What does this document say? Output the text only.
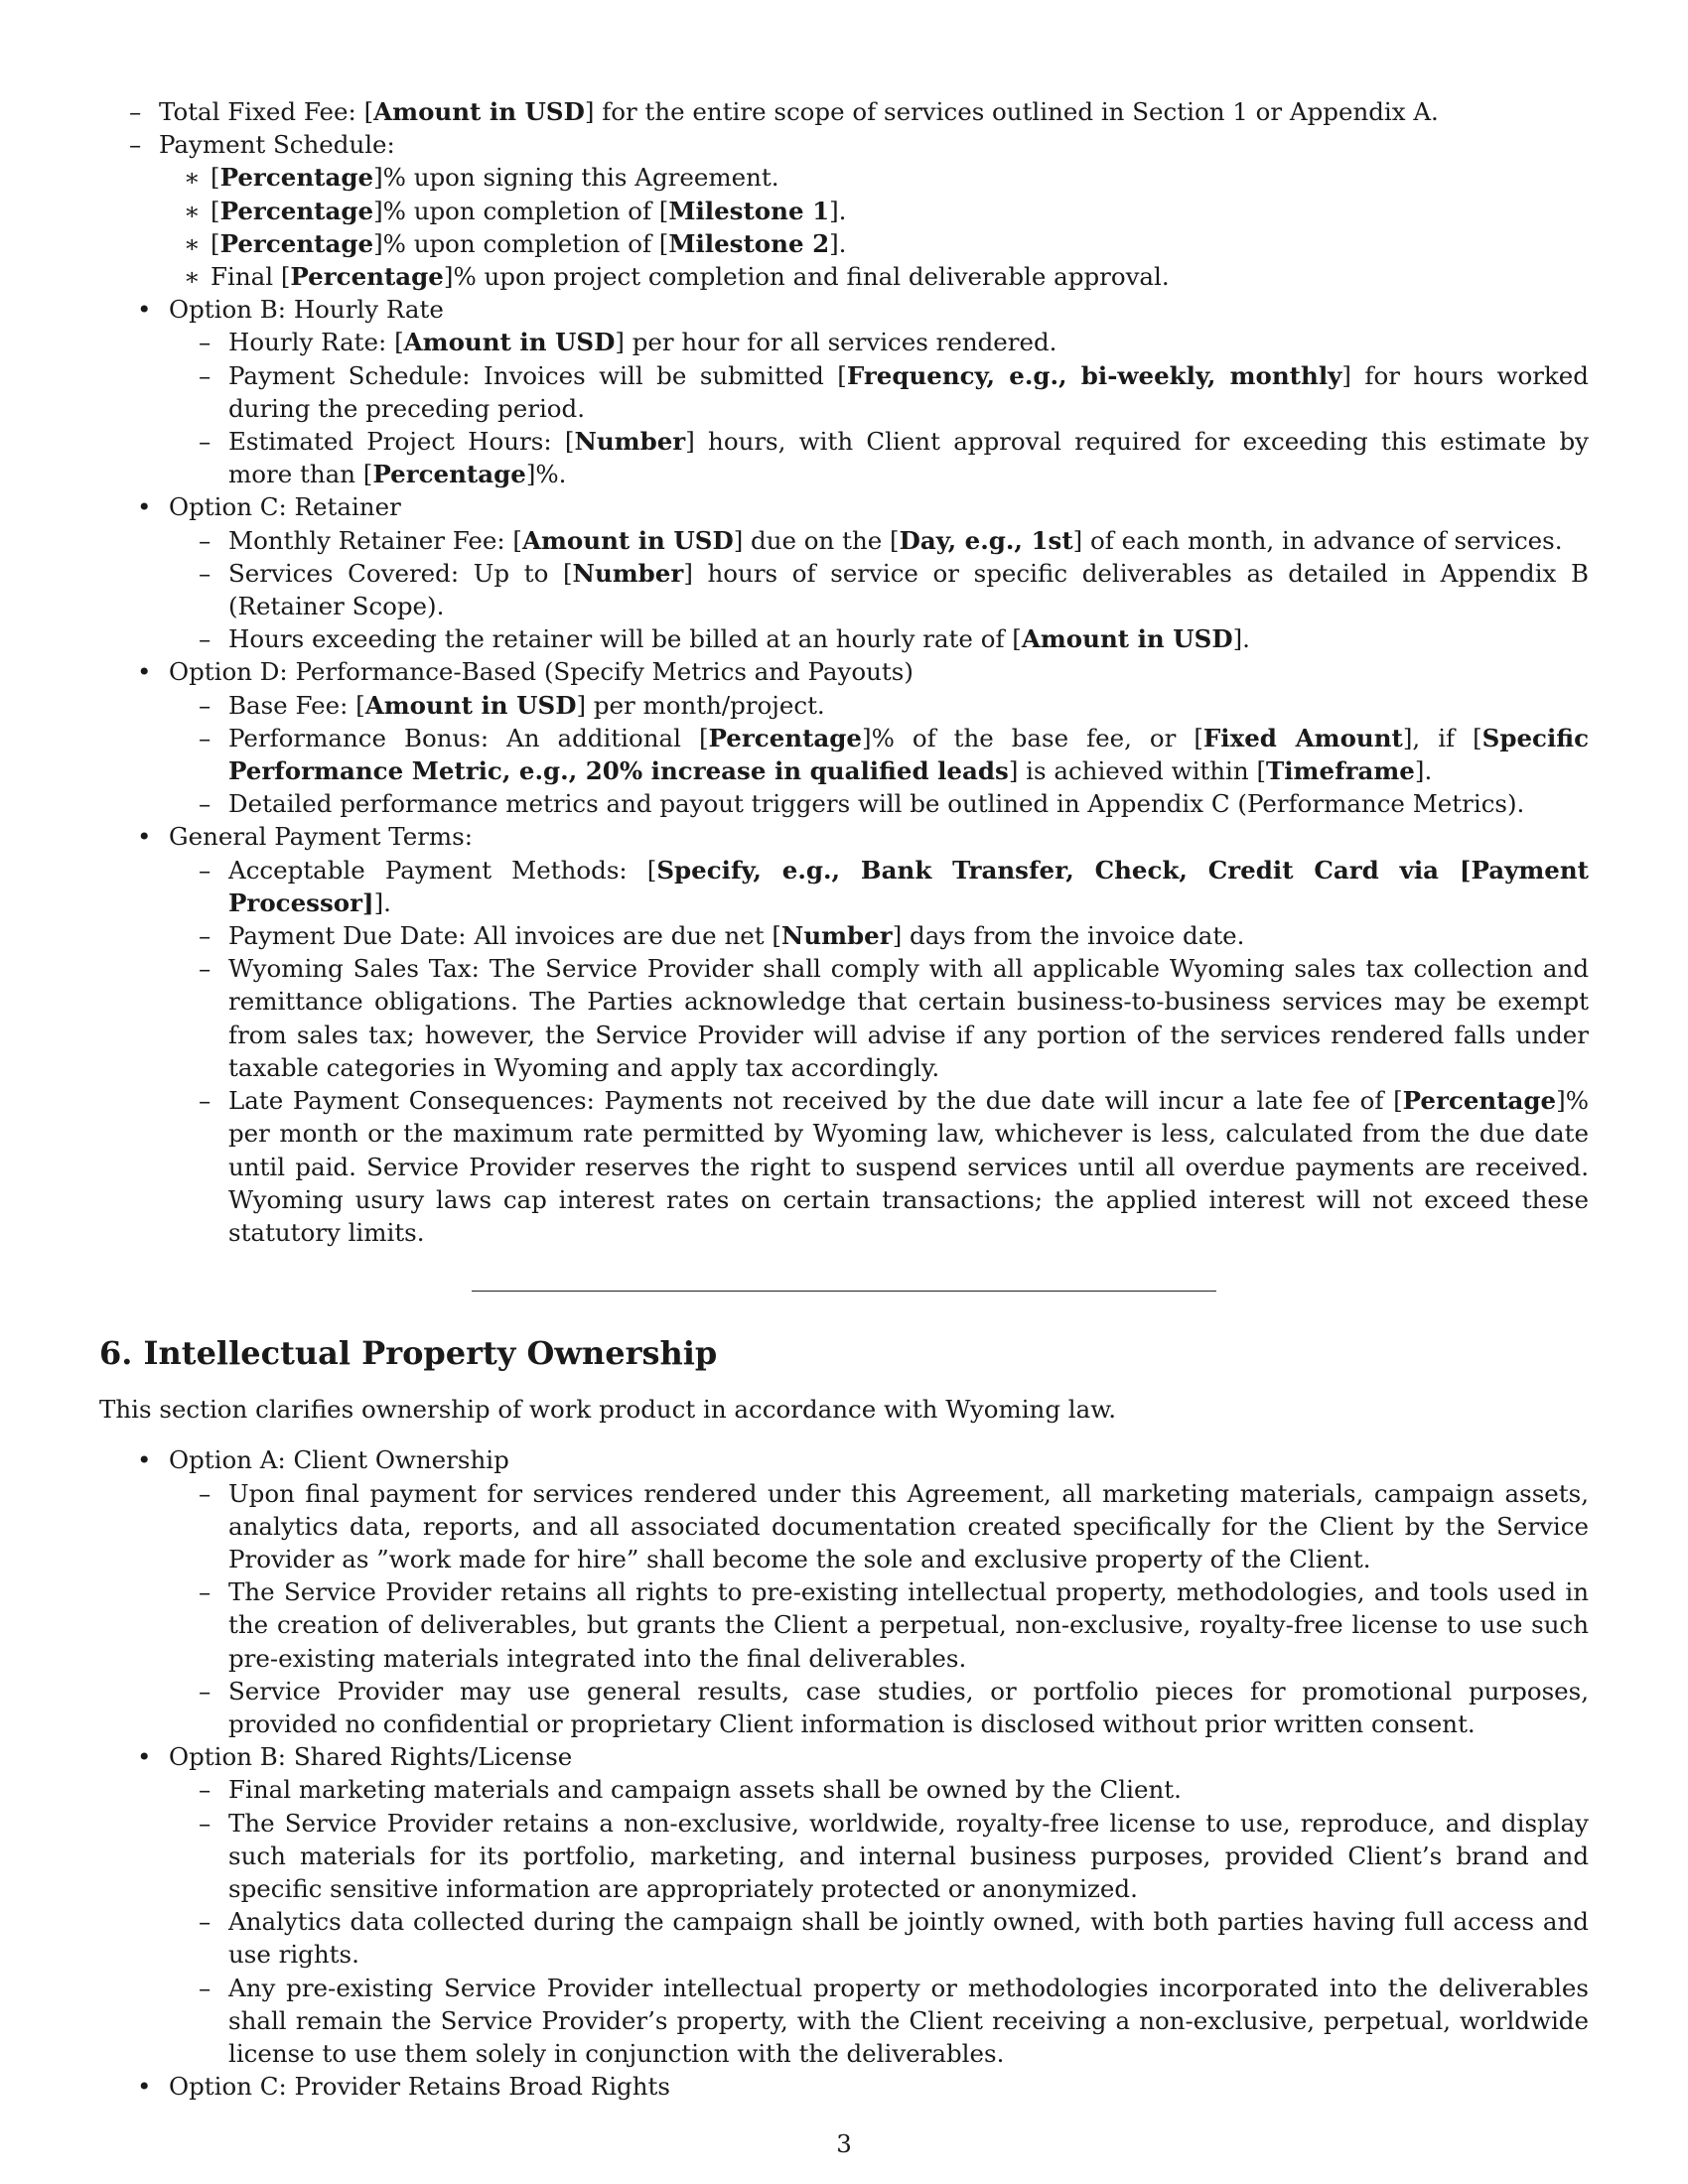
– Total Fixed Fee: [Amount in USD] for the entire scope of services outlined in Section 1 or Appendix A.
– Payment Schedule:
∗ [Percentage]% upon signing this Agreement.
∗ [Percentage]% upon completion of [Milestone 1].
∗ [Percentage]% upon completion of [Milestone 2].
∗ Final [Percentage]% upon project completion and final deliverable approval.
• Option B: Hourly Rate
– Hourly Rate: [Amount in USD] per hour for all services rendered.
– Payment Schedule: Invoices will be submitted [Frequency, e.g., bi-weekly, monthly] for hours worked during the preceding period.
– Estimated Project Hours: [Number] hours, with Client approval required for exceeding this estimate by more than [Percentage]%.
• Option C: Retainer
– Monthly Retainer Fee: [Amount in USD] due on the [Day, e.g., 1st] of each month, in advance of services.
– Services Covered: Up to [Number] hours of service or specific deliverables as detailed in Appendix B (Retainer Scope).
– Hours exceeding the retainer will be billed at an hourly rate of [Amount in USD].
• Option D: Performance-Based (Specify Metrics and Payouts)
– Base Fee: [Amount in USD] per month/project.
– Performance Bonus: An additional [Percentage]% of the base fee, or [Fixed Amount], if [Specific Performance Metric, e.g., 20% increase in qualified leads] is achieved within [Timeframe].
– Detailed performance metrics and payout triggers will be outlined in Appendix C (Performance Metrics).
• General Payment Terms:
– Acceptable Payment Methods: [Specify, e.g., Bank Transfer, Check, Credit Card via [Payment Processor]].
– Payment Due Date: All invoices are due net [Number] days from the invoice date.
– Wyoming Sales Tax: The Service Provider shall comply with all applicable Wyoming sales tax collection and remittance obligations. The Parties acknowledge that certain business-to-business services may be exempt from sales tax; however, the Service Provider will advise if any portion of the services rendered falls under taxable categories in Wyoming and apply tax accordingly.
– Late Payment Consequences: Payments not received by the due date will incur a late fee of [Percentage]% per month or the maximum rate permitted by Wyoming law, whichever is less, calculated from the due date until paid. Service Provider reserves the right to suspend services until all overdue payments are received. Wyoming usury laws cap interest rates on certain transactions; the applied interest will not exceed these statutory limits.
6. Intellectual Property Ownership

This section clarifies ownership of work product in accordance with Wyoming law.

• Option A: Client Ownership
– Upon final payment for services rendered under this Agreement, all marketing materials, campaign assets, analytics data, reports, and all associated documentation created specifically for the Client by the Service Provider as ”work made for hire” shall become the sole and exclusive property of the Client.
– The Service Provider retains all rights to pre-existing intellectual property, methodologies, and tools used in the creation of deliverables, but grants the Client a perpetual, non-exclusive, royalty-free license to use such pre-existing materials integrated into the final deliverables.
– Service Provider may use general results, case studies, or portfolio pieces for promotional purposes, provided no confidential or proprietary Client information is disclosed without prior written consent.
• Option B: Shared Rights/License
– Final marketing materials and campaign assets shall be owned by the Client.
– The Service Provider retains a non-exclusive, worldwide, royalty-free license to use, reproduce, and display such materials for its portfolio, marketing, and internal business purposes, provided Client’s brand and specific sensitive information are appropriately protected or anonymized.
– Analytics data collected during the campaign shall be jointly owned, with both parties having full access and use rights.
– Any pre-existing Service Provider intellectual property or methodologies incorporated into the deliverables shall remain the Service Provider’s property, with the Client receiving a non-exclusive, perpetual, worldwide license to use them solely in conjunction with the deliverables.
• Option C: Provider Retains Broad Rights
3
